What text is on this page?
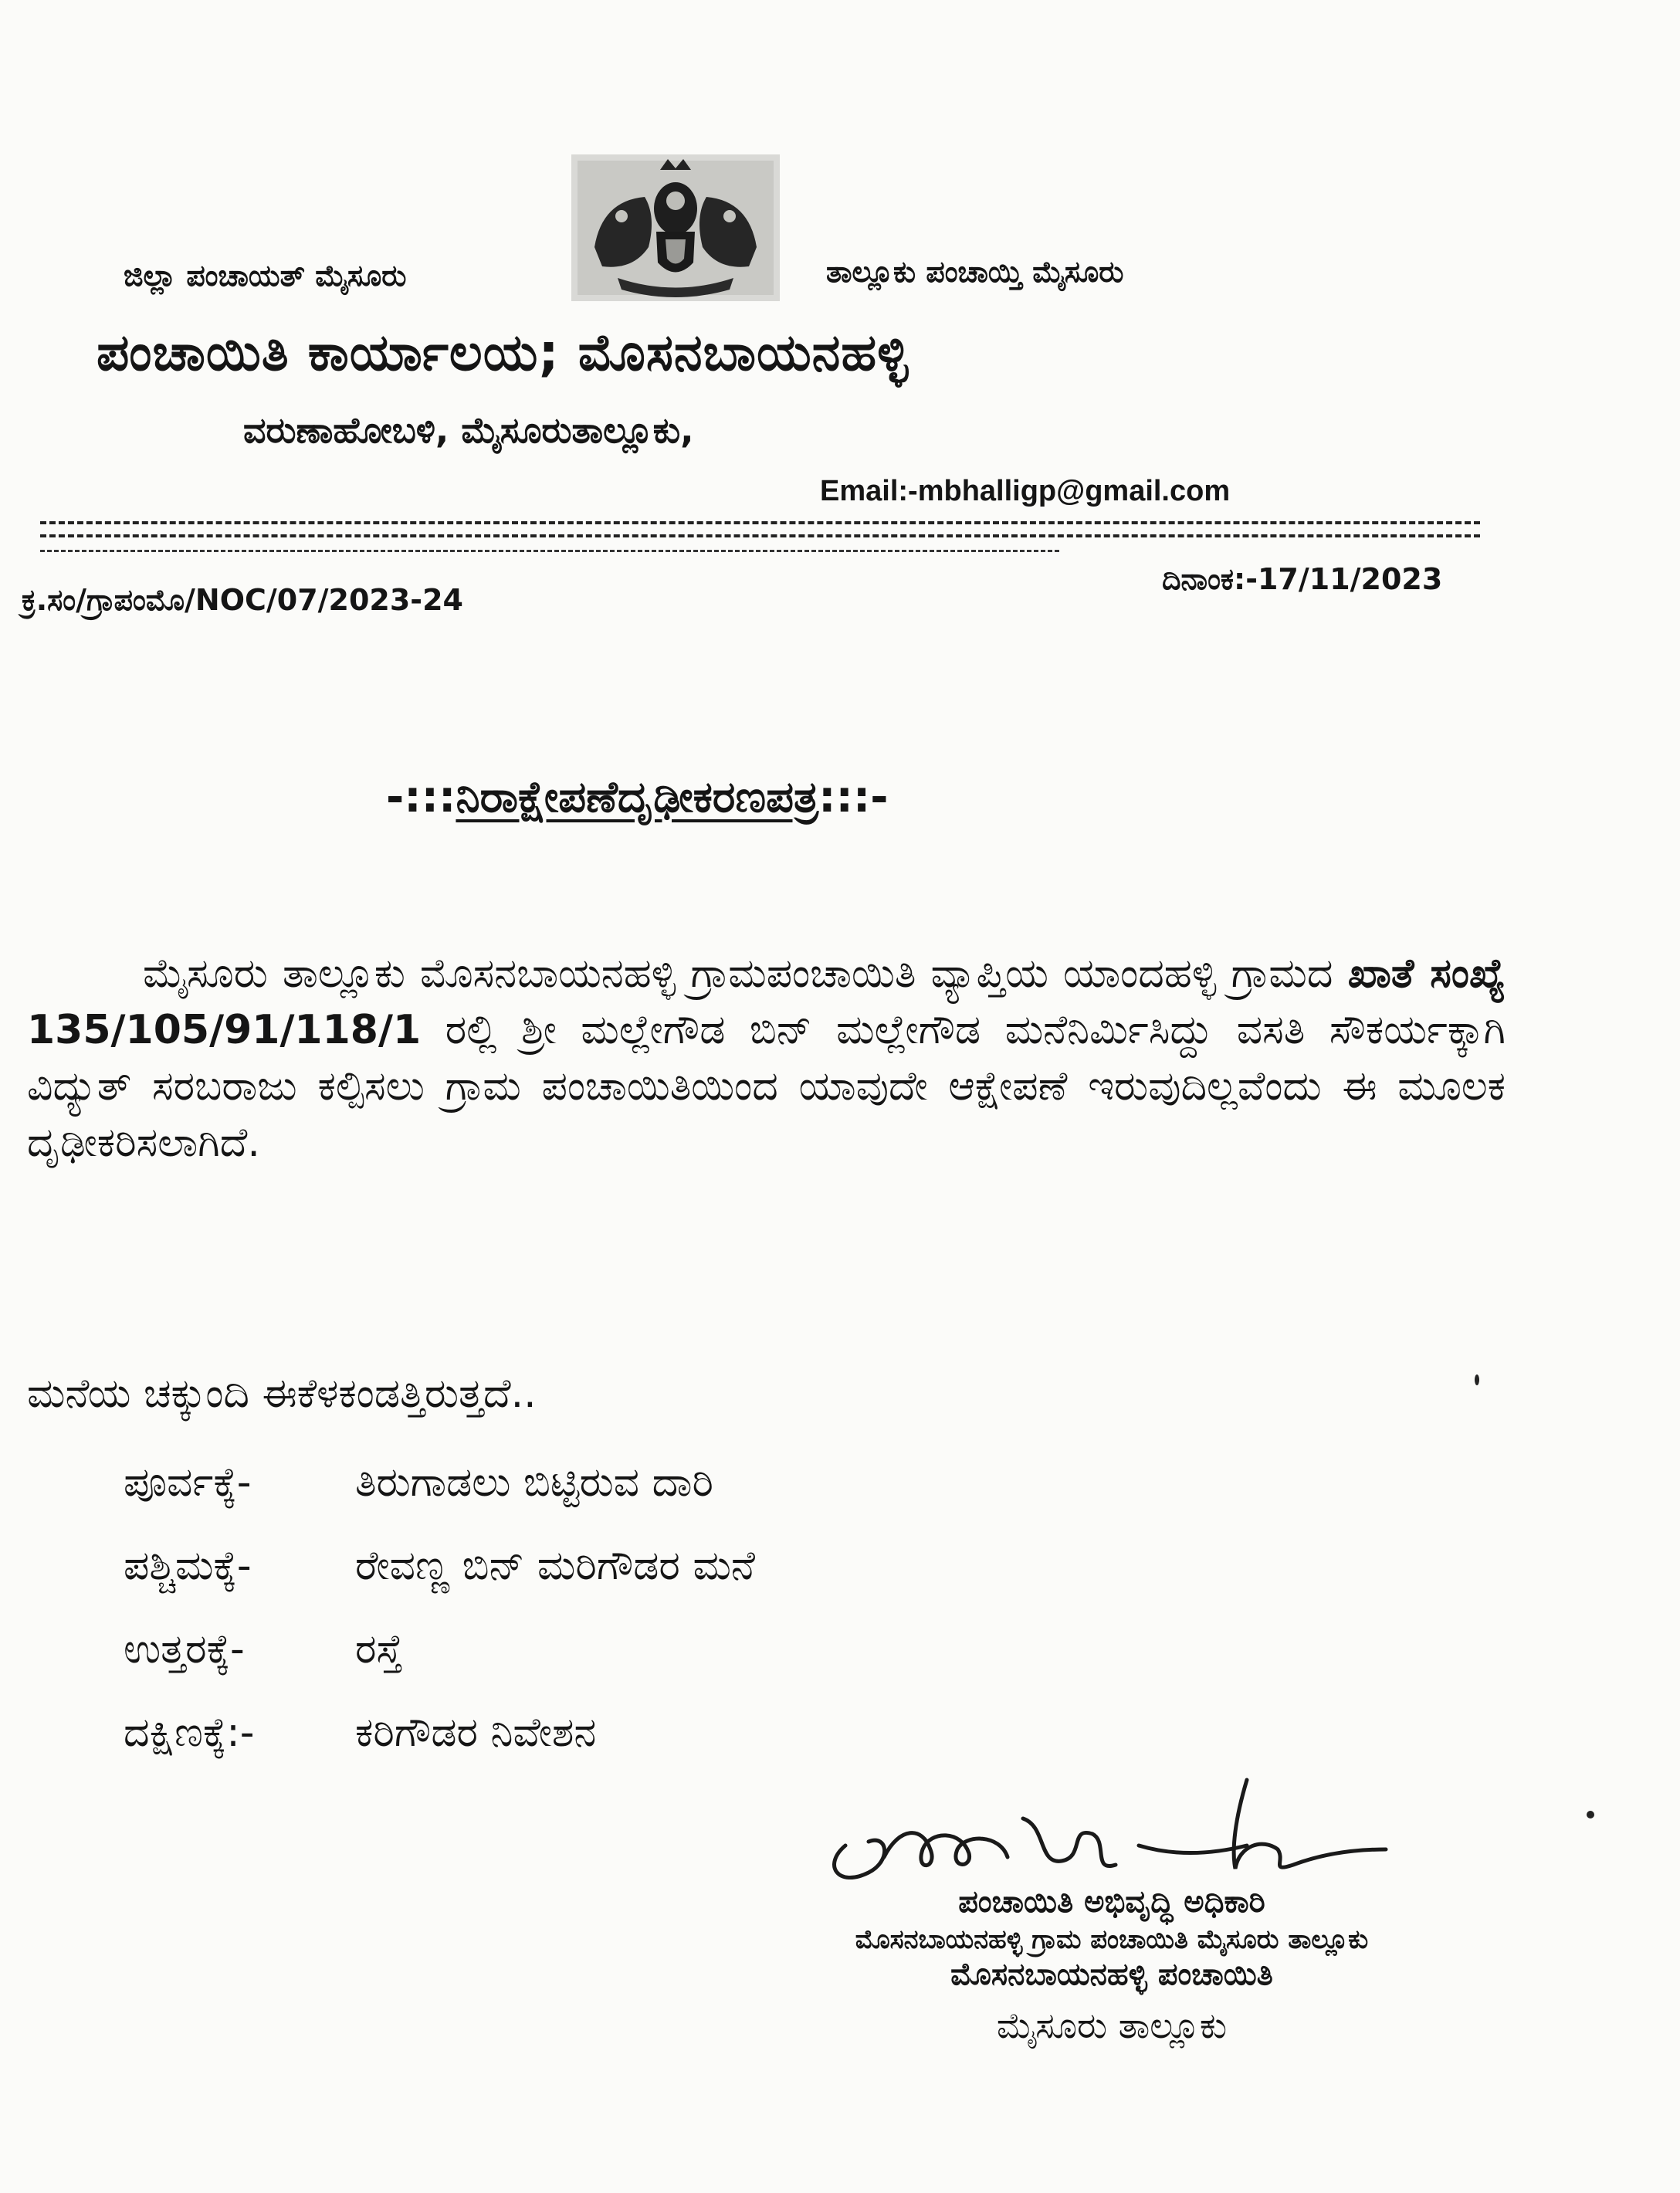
ಜಿಲ್ಲಾ ಪಂಚಾಯತ್ ಮೈಸೂರು	ತಾಲ್ಲೂಕು ಪಂಚಾಯ್ತಿ ಮೈಸೂರು
ಪಂಚಾಯಿತಿ ಕಾರ್ಯಾಲಯ; ಮೊಸನಬಾಯನಹಳ್ಳಿ
ವರುಣಾಹೋಬಳಿ, ಮೈಸೂರುತಾಲ್ಲೂಕು,
Email:-mbhalligp@gmail.com
ಕ್ರ.ಸಂ/ಗ್ರಾಪಂಮೊ/NOC/07/2023-24
ದಿನಾಂಕ:-17/11/2023
-:::ನಿರಾಕ್ಷೇಪಣೆದೃಢೀಕರಣಪತ್ರ:::-
ಮೈಸೂರು ತಾಲ್ಲೂಕು ಮೊಸನಬಾಯನಹಳ್ಳಿ ಗ್ರಾಮಪಂಚಾಯಿತಿ ವ್ಯಾಪ್ತಿಯ ಯಾಂದಹಳ್ಳಿ ಗ್ರಾಮದ ಖಾತೆ ಸಂಖ್ಯೆ 135/105/91/118/1 ರಲ್ಲಿ ಶ್ರೀ ಮಲ್ಲೇಗೌಡ ಬಿನ್ ಮಲ್ಲೇಗೌಡ ಮನೆನಿರ್ಮಿಸಿದ್ದು ವಸತಿ ಸೌಕರ್ಯಕ್ಕಾಗಿ ವಿದ್ಯುತ್ ಸರಬರಾಜು ಕಲ್ಪಿಸಲು ಗ್ರಾಮ ಪಂಚಾಯಿತಿಯಿಂದ ಯಾವುದೇ ಆಕ್ಷೇಪಣೆ ಇರುವುದಿಲ್ಲವೆಂದು ಈ ಮೂಲಕ ದೃಢೀಕರಿಸಲಾಗಿದೆ.
ಮನೆಯ ಚಕ್ಕುಂದಿ ಈಕೆಳಕಂಡತ್ತಿರುತ್ತದೆ..
ಪೂರ್ವಕ್ಕೆ-	ತಿರುಗಾಡಲು ಬಿಟ್ಟಿರುವ ದಾರಿ
ಪಶ್ಚಿಮಕ್ಕೆ-	ರೇವಣ್ಣ ಬಿನ್ ಮರಿಗೌಡರ ಮನೆ
ಉತ್ತರಕ್ಕೆ-	ರಸ್ತೆ
ದಕ್ಷಿಣಕ್ಕೆ:-	ಕರಿಗೌಡರ ನಿವೇಶನ
ಪಂಚಾಯಿತಿ ಅಭಿವೃದ್ಧಿ ಅಧಿಕಾರಿ
ಮೊಸನಬಾಯನಹಳ್ಳಿ ಗ್ರಾಮ ಪಂಚಾಯಿತಿ ಮೈಸೂರು ತಾಲ್ಲೂಕು
ಮೊಸನಬಾಯನಹಳ್ಳಿ ಪಂಚಾಯಿತಿ
ಮೈಸೂರು ತಾಲ್ಲೂಕು
